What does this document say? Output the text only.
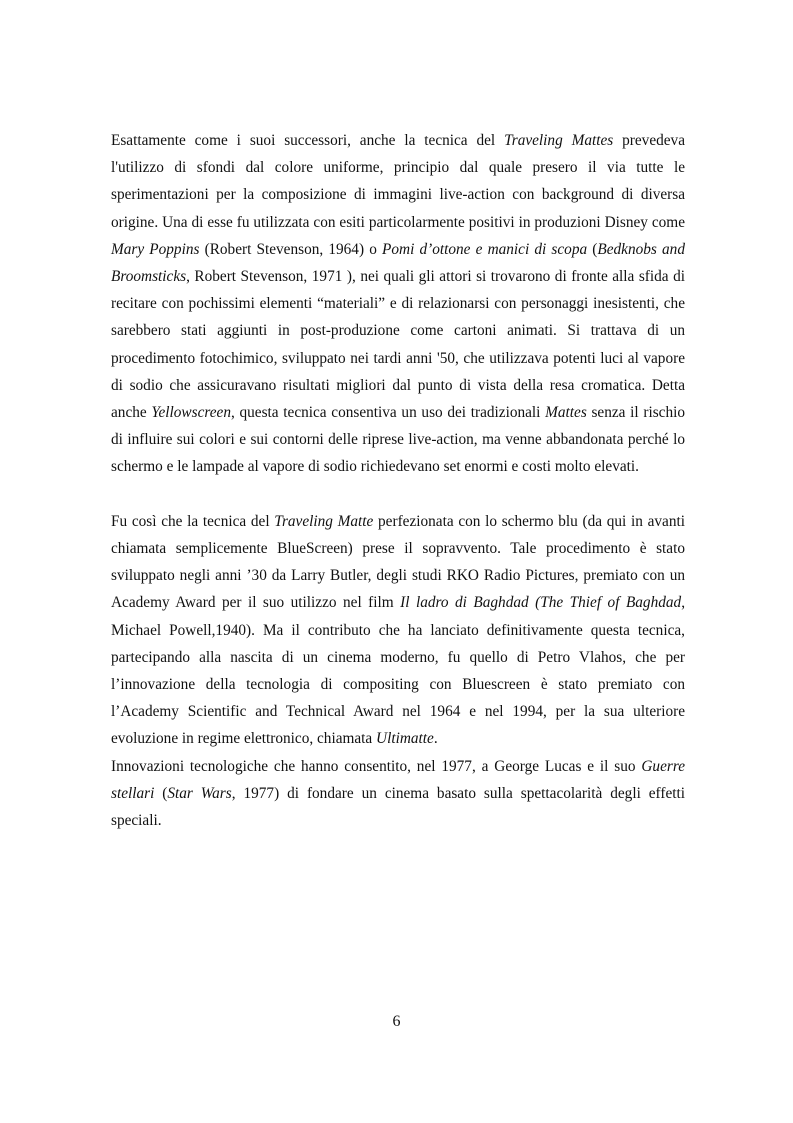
Esattamente come i suoi successori, anche la tecnica del Traveling Mattes prevedeva l'utilizzo di sfondi dal colore uniforme, principio dal quale presero il via tutte le sperimentazioni per la composizione di immagini live-action con background di diversa origine. Una di esse fu utilizzata con esiti particolarmente positivi in produzioni Disney come Mary Poppins (Robert Stevenson, 1964) o Pomi d’ottone e manici di scopa (Bedknobs and Broomsticks, Robert Stevenson, 1971 ), nei quali gli attori si trovarono di fronte alla sfida di recitare con pochissimi elementi “materiali” e di relazionarsi con personaggi inesistenti, che sarebbero stati aggiunti in post-produzione come cartoni animati. Si trattava di un procedimento fotochimico, sviluppato nei tardi anni '50, che utilizzava potenti luci al vapore di sodio che assicuravano risultati migliori dal punto di vista della resa cromatica. Detta anche Yellowscreen, questa tecnica consentiva un uso dei tradizionali Mattes senza il rischio di influire sui colori e sui contorni delle riprese live-action, ma venne abbandonata perché lo schermo e le lampade al vapore di sodio richiedevano set enormi e costi molto elevati.

Fu così che la tecnica del Traveling Matte perfezionata con lo schermo blu (da qui in avanti chiamata semplicemente BlueScreen) prese il sopravvento. Tale procedimento è stato sviluppato negli anni ’30 da Larry Butler, degli studi RKO Radio Pictures, premiato con un Academy Award per il suo utilizzo nel film Il ladro di Baghdad (The Thief of Baghdad, Michael Powell,1940). Ma il contributo che ha lanciato definitivamente questa tecnica, partecipando alla nascita di un cinema moderno, fu quello di Petro Vlahos, che per l’innovazione della tecnologia di compositing con Bluescreen è stato premiato con l’Academy Scientific and Technical Award nel 1964 e nel 1994, per la sua ulteriore evoluzione in regime elettronico, chiamata Ultimatte.

Innovazioni tecnologiche che hanno consentito, nel 1977, a George Lucas e il suo Guerre stellari (Star Wars, 1977) di fondare un cinema basato sulla spettacolarità degli effetti speciali.

6
